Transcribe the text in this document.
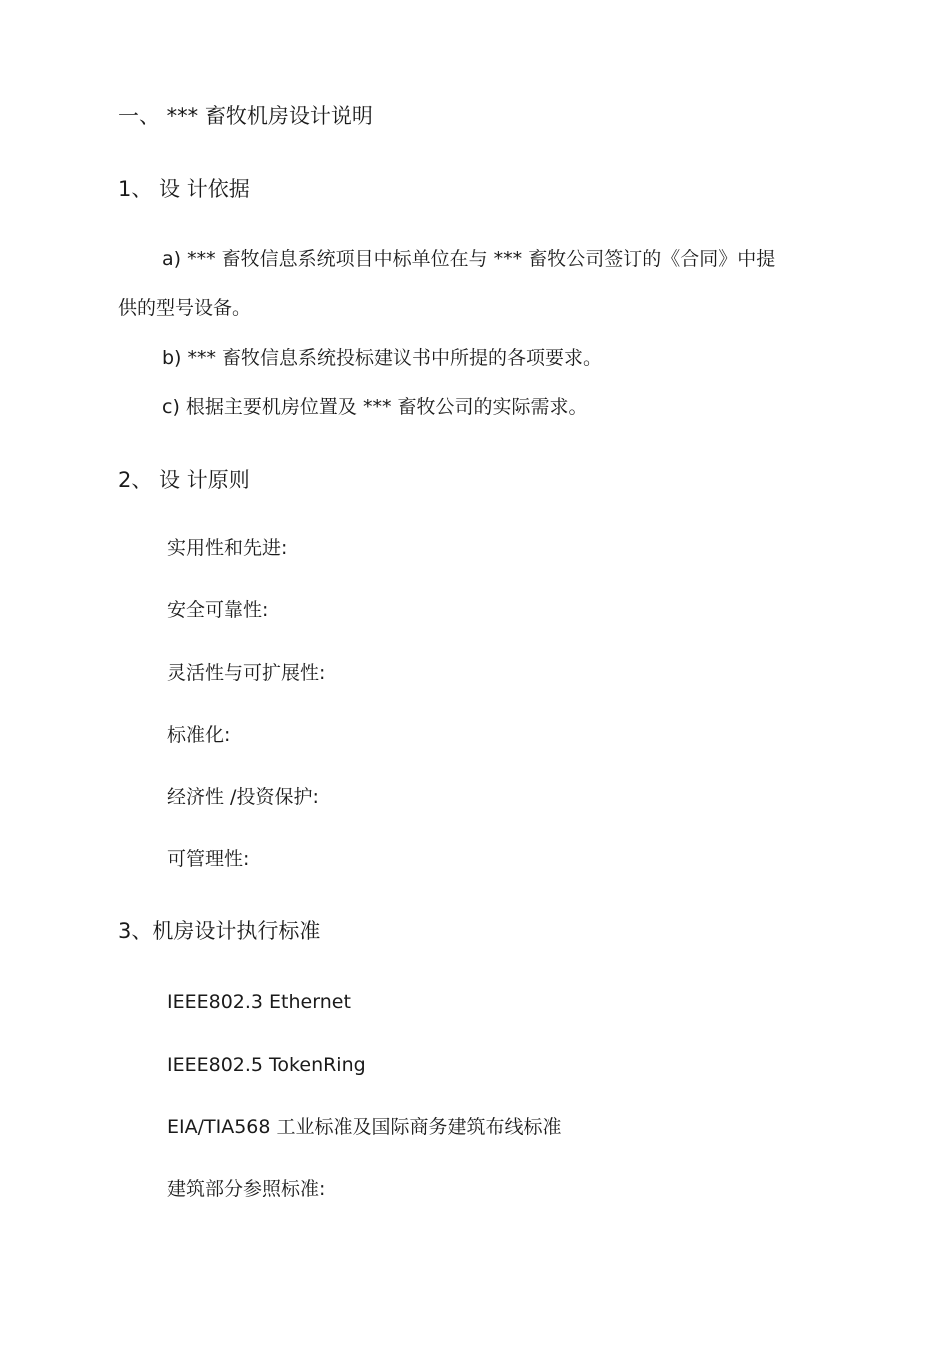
一、 *** 畜牧机房设计说明
1、 设 计依据
a) *** 畜牧信息系统项目中标单位在与 *** 畜牧公司签订的《合同》中提
供的型号设备。
b) *** 畜牧信息系统投标建议书中所提的各项要求。
c) 根据主要机房位置及 *** 畜牧公司的实际需求。
2、 设 计原则
实用性和先进:
安全可靠性:
灵活性与可扩展性:
标准化:
经济性 /投资保护:
可管理性:
3、机房设计执行标准
IEEE802.3 Ethernet
IEEE802.5 TokenRing
EIA/TIA568 工业标准及国际商务建筑布线标准
建筑部分参照标准:
